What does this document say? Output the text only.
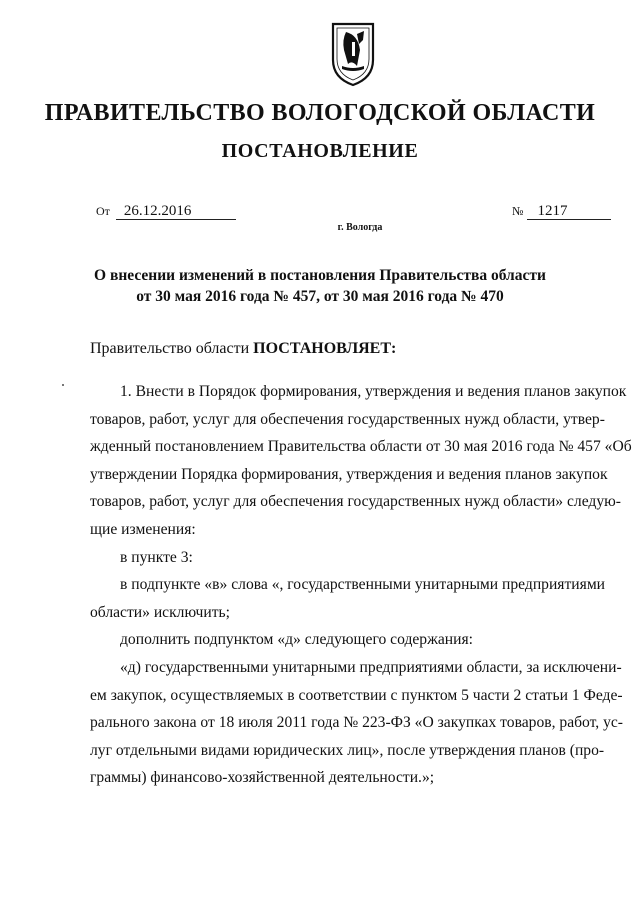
ПРАВИТЕЛЬСТВО ВОЛОГОДСКОЙ ОБЛАСТИ
ПОСТАНОВЛЕНИЕ
От 26.12.2016	№ 1217
г. Вологда
О внесении изменений в постановления Правительства области
от 30 мая 2016 года № 457, от 30 мая 2016 года № 470
Правительство области ПОСТАНОВЛЯЕТ:

1. Внести в Порядок формирования, утверждения и ведения планов закупок
товаров, работ, услуг для обеспечения государственных нужд области, утвер-
жденный постановлением Правительства области от 30 мая 2016 года № 457 «Об
утверждении Порядка формирования, утверждения и ведения планов закупок
товаров, работ, услуг для обеспечения государственных нужд области» следую-
щие изменения:

в пункте 3:

в подпункте «в» слова «, государственными унитарными предприятиями
области» исключить;

дополнить подпунктом «д» следующего содержания:

«д) государственными унитарными предприятиями области, за исключени-
ем закупок, осуществляемых в соответствии с пунктом 5 части 2 статьи 1 Феде-
рального закона от 18 июля 2011 года № 223-ФЗ «О закупках товаров, работ, ус-
луг отдельными видами юридических лиц», после утверждения планов (про-
граммы) финансово-хозяйственной деятельности.»;
